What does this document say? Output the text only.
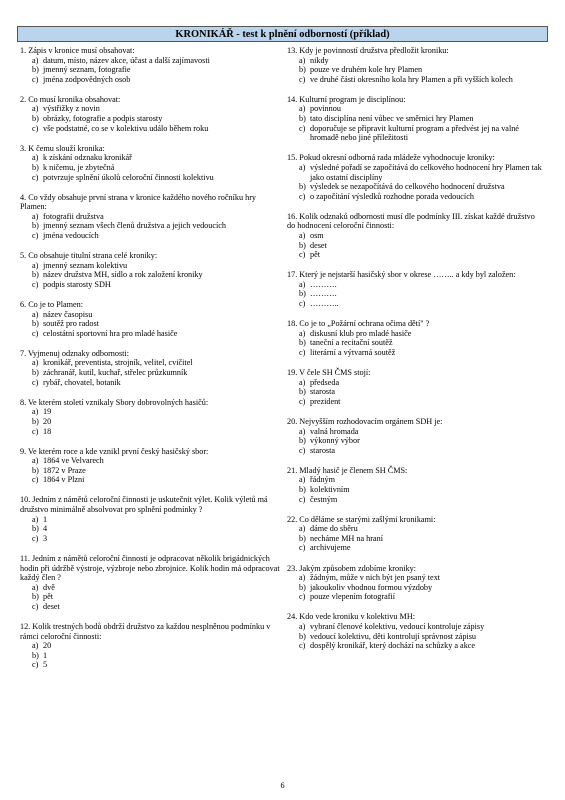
KRONIKÁŘ - test k plnění odborností (příklad)
1. Zápis v kronice musí obsahovat:
a) datum, místo, název akce, účast a další zajímavosti
b) jmenný seznam, fotografie
c) jména zodpovědných osob
2. Co musí kronika obsahovat:
a) výstřižky z novin
b) obrázky, fotografie a podpis starosty
c) vše podstatné, co se v kolektivu událo během roku
3. K čemu slouží kronika:
a) k získání odznaku kronikář
b) k ničemu, je zbytečná
c) potvrzuje splnění úkolů celoroční činnosti kolektivu
4. Co vždy obsahuje první strana v kronice každého nového ročníku hry Plamen:
a) fotografii družstva
b) jmenný seznam všech členů družstva a jejich vedoucích
c) jména vedoucích
5. Co obsahuje titulní strana celé kroniky:
a) jmenný seznam kolektivu
b) název družstva MH, sídlo a rok založení kroniky
c) podpis starosty SDH
6. Co je to Plamen:
a) název časopisu
b) soutěž pro radost
c) celostátní sportovní hra pro mladé hasiče
7. Vyjmenuj odznaky odbornosti:
a) kronikář, preventista, strojník, velitel, cvičitel
b) záchranář, kutil, kuchař, střelec průzkumník
c) rybář, chovatel, botanik
8. Ve kterém století vznikaly Sbory dobrovolných hasičů:
a) 19
b) 20
c) 18
9. Ve kterém roce a kde vznikl první český hasičský sbor:
a) 1864 ve Velvarech
b) 1872 v Praze
c) 1864 v Plzni
10. Jedním z námětů celoroční činnosti je uskutečnit výlet. Kolik výletů má družstvo minimálně absolvovat pro splnění podmínky ?
a) 1
b) 4
c) 3
11. Jedním z námětů celoroční činnosti je odpracovat několik brigádnických hodin při údržbě výstroje, výzbroje nebo zbrojnice. Kolik hodin má odpracovat každý člen ?
a) dvě
b) pět
c) deset
12. Kolik trestných bodů obdrží družstvo za každou nesplněnou podmínku v rámci celoroční činnosti:
a) 20
b) 1
c) 5
13. Kdy je povinností družstva předložit kroniku:
a) nikdy
b) pouze ve druhém kole hry Plamen
c) ve druhé části okresního kola hry Plamen a při vyšších kolech
14. Kulturní program je disciplínou:
a) povinnou
b) tato disciplína není vůbec ve směrnici hry Plamen
c) doporučuje se připravit kulturní program a předvést jej na valné hromadě nebo jiné příležitosti
15. Pokud okresní odborná rada mládeže vyhodnocuje kroniky:
a) výsledné pořadí se započítává do celkového hodnocení hry Plamen tak jako ostatní disciplíny
b) výsledek se nezapočítává do celkového hodnocení družstva
c) o započítání výsledků rozhodne porada vedoucích
16. Kolik odznaků odbornosti musí dle podmínky III. získat každé družstvo do hodnocení celoroční činnosti:
a) osm
b) deset
c) pět
17. Který je nejstarší hasičský sbor v okrese …….. a kdy byl založen:
a) ……….
b) ……….
c) ………..
18. Co je to „Požární ochrana očima dětí" ?
a) diskusní klub pro mladé hasiče
b) taneční a recitační soutěž
c) literární a výtvarná soutěž
19. V čele SH ČMS stojí:
a) předseda
b) starosta
c) prezident
20. Nejvyšším rozhodovacím orgánem SDH je:
a) valná hromada
b) výkonný výbor
c) starosta
21. Mladý hasič je členem SH ČMS:
a) řádným
b) kolektivním
c) čestným
22. Co děláme se starými zašlými kronikami:
a) dáme do sběru
b) necháme MH na hraní
c) archivujeme
23. Jakým způsobem zdobíme kroniky:
a) žádným, může v nich být jen psaný text
b) jakoukoliv vhodnou formou výzdoby
c) pouze vlepením fotografií
24. Kdo vede kroniku v kolektivu MH:
a) vybraní členové kolektivu, vedoucí kontroluje zápisy
b) vedoucí kolektivu, děti kontrolují správnost zápisu
c) dospělý kronikář, který dochází na schůzky a akce
6
